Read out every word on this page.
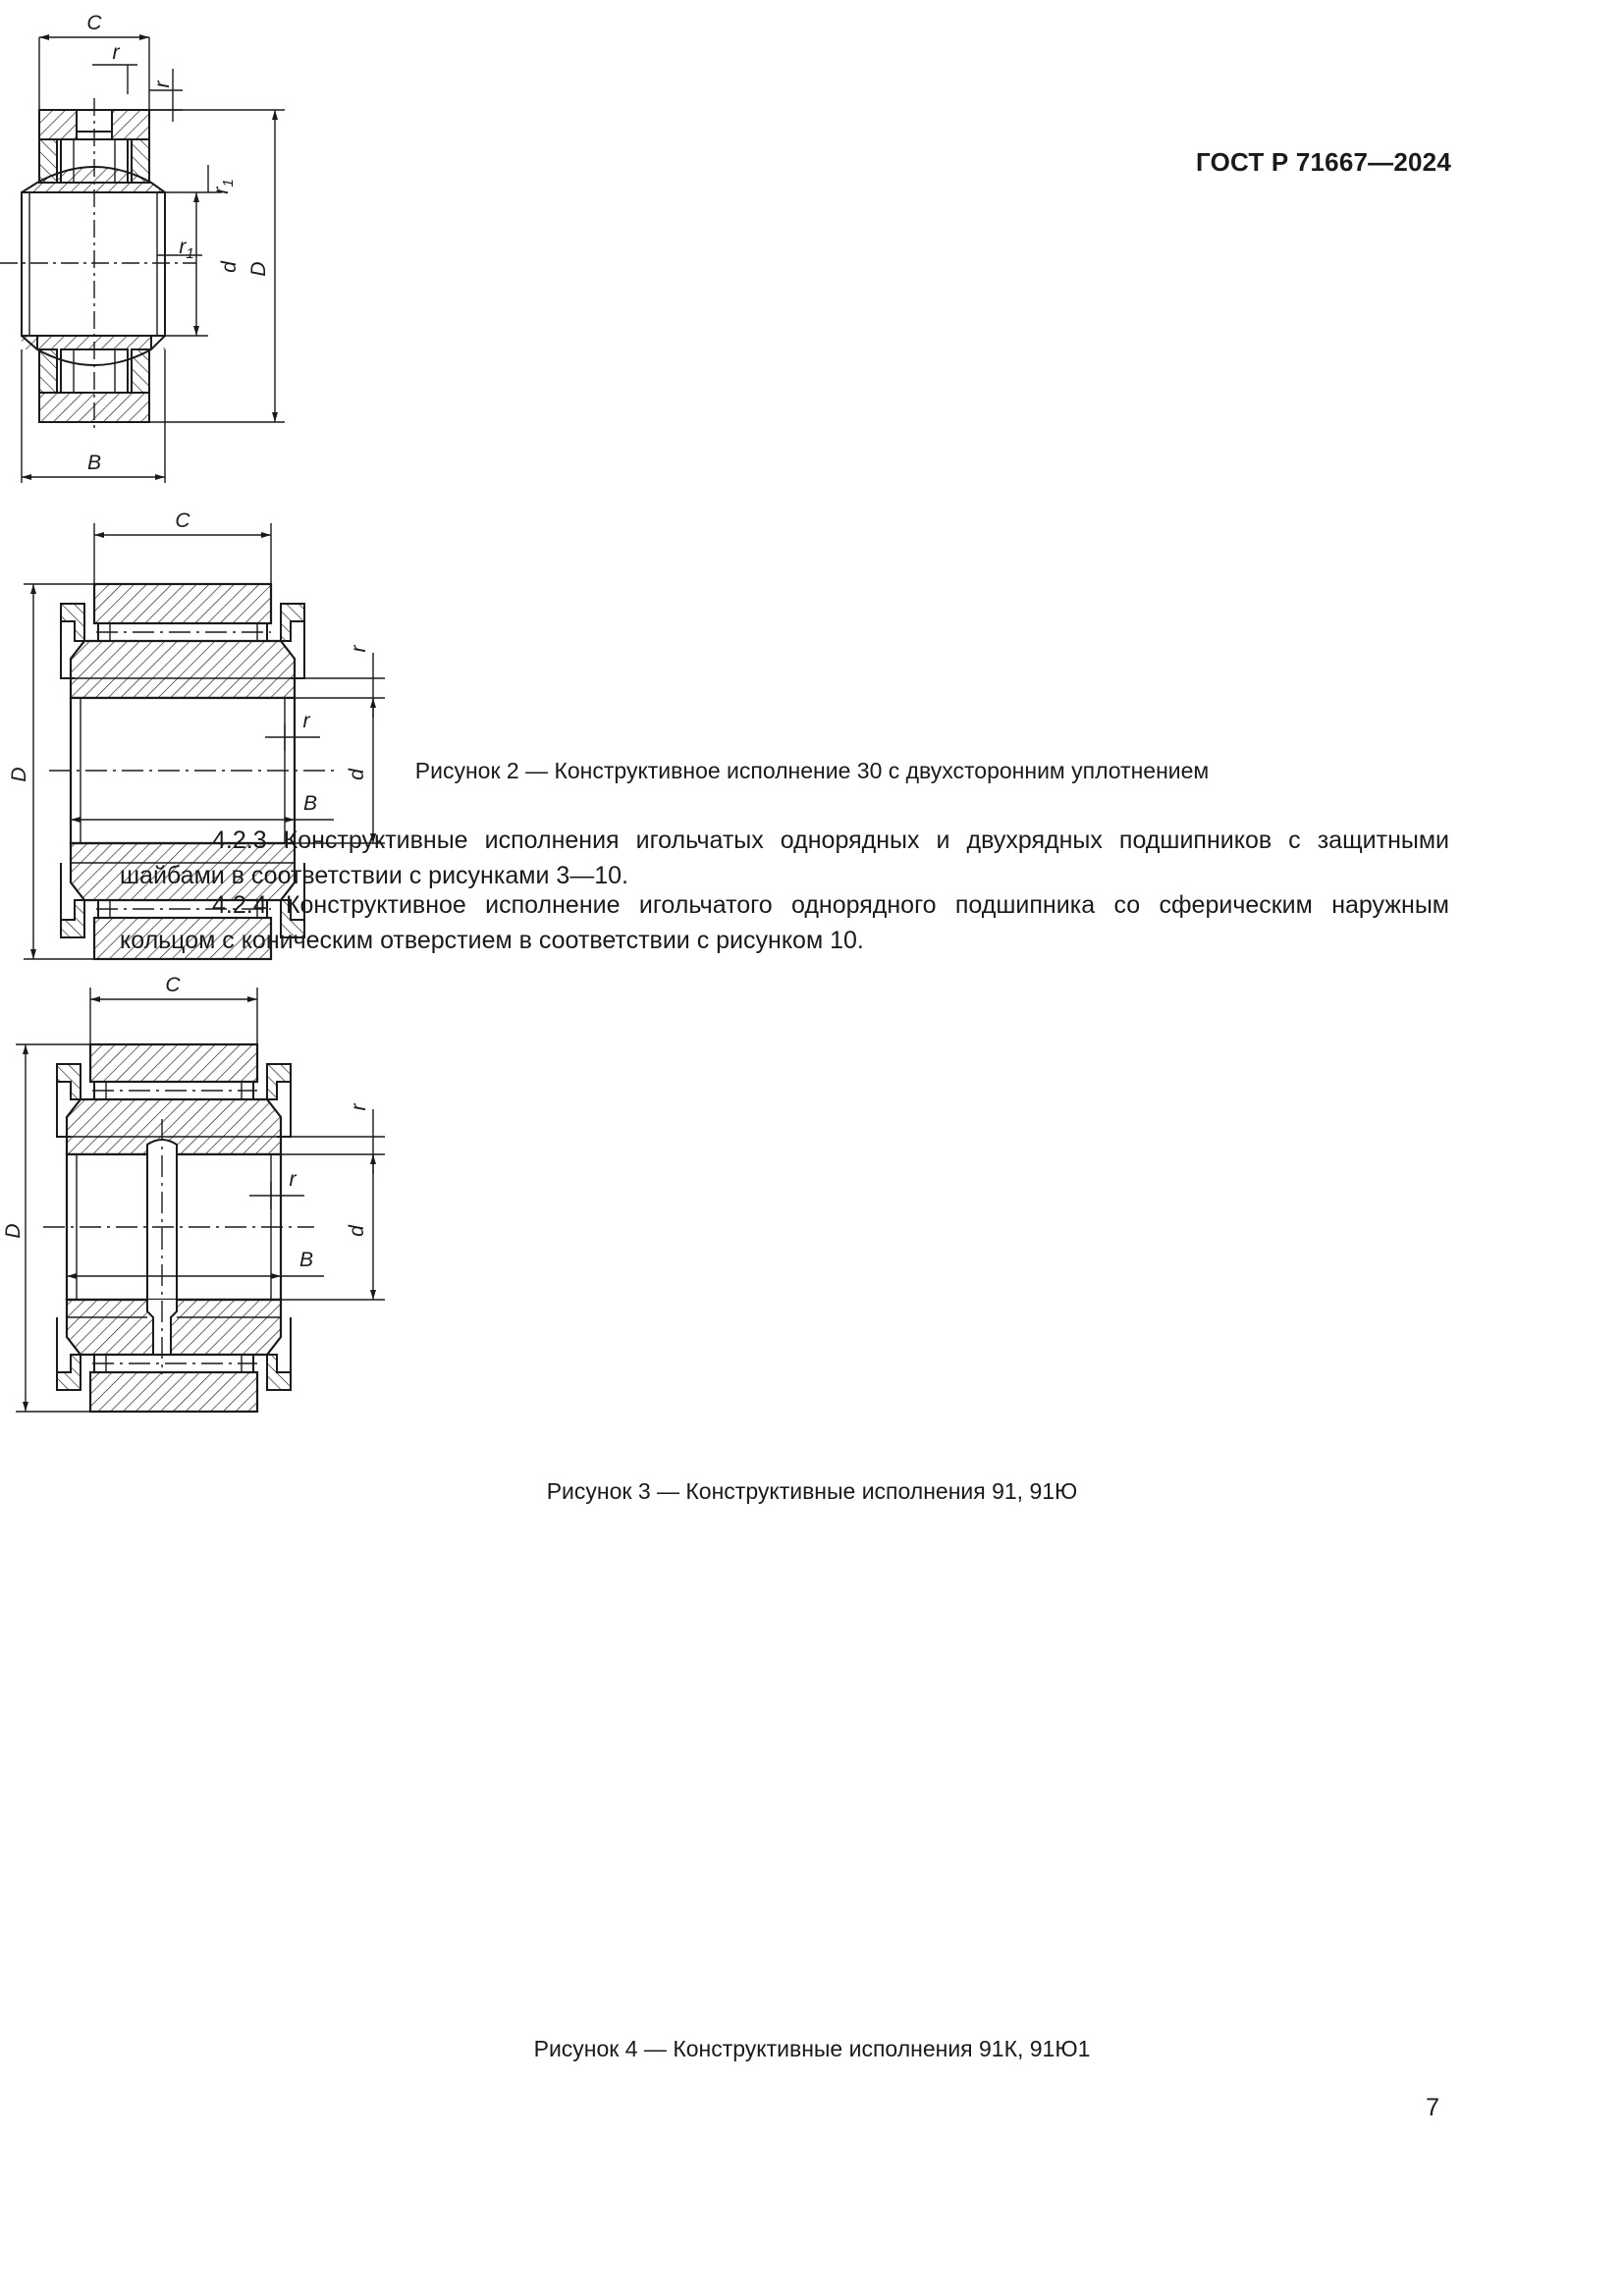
ГОСТ Р 71667—2024
C
r
r
$r_1$
$r_1$
d D
B
Рисунок 2 — Конструктивное исполнение 30 с двухсторонним уплотнением
4.2.3 Конструктивные исполнения игольчатых однорядных и двухрядных подшипников с защитными шайбами в соответствии с рисунками 3—10.
4.2.4 Конструктивное исполнение игольчатого однорядного подшипника со сферическим наружным кольцом с коническим отверстием в соответствии с рисунком 10.
C
D
r
r
d
B
Рисунок 3 — Конструктивные исполнения 91, 91Ю
C
D
r
r
d
B
Рисунок 4 — Конструктивные исполнения 91К, 91Ю1
7
